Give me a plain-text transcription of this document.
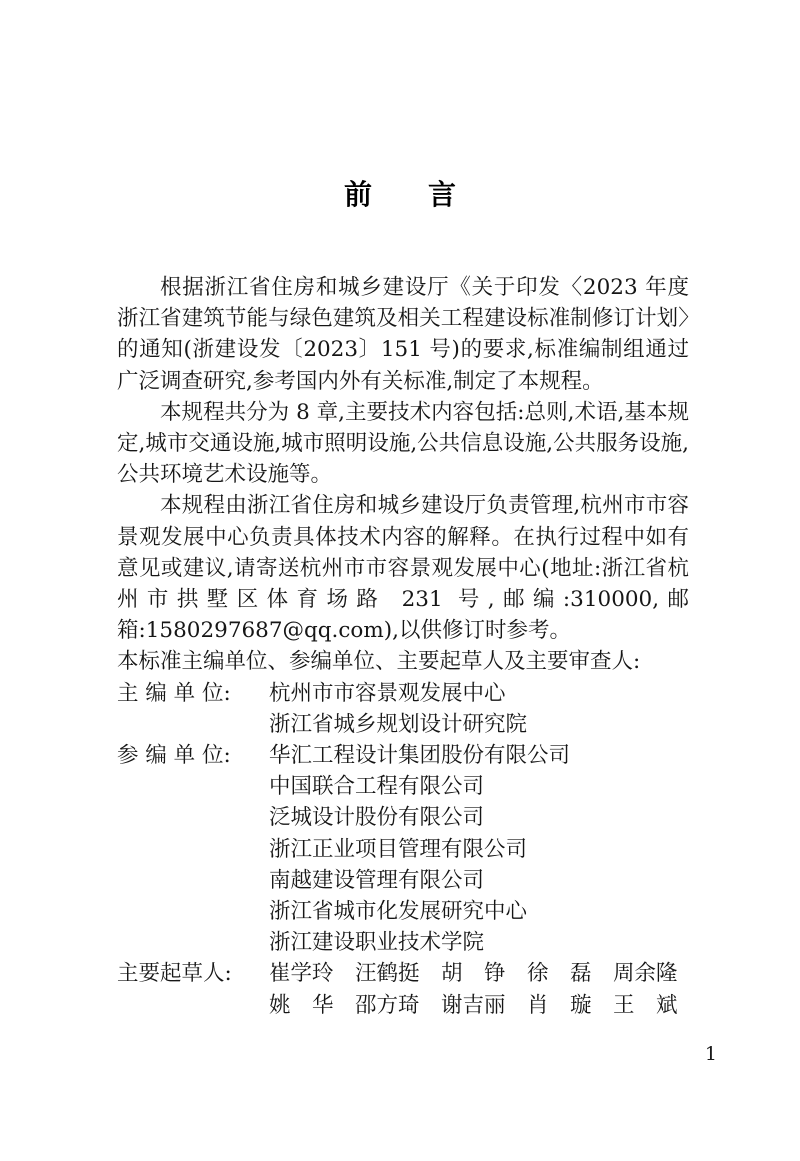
前　　言

根据浙江省住房和城乡建设厅《关于印发〈2023 年度浙江省建筑节能与绿色建筑及相关工程建设标准制修订计划〉的通知(浙建设发〔2023〕151 号)的要求,标准编制组通过广泛调查研究,参考国内外有关标准,制定了本规程。

本规程共分为 8 章,主要技术内容包括:总则,术语,基本规定,城市交通设施,城市照明设施,公共信息设施,公共服务设施,公共环境艺术设施等。

本规程由浙江省住房和城乡建设厅负责管理,杭州市市容景观发展中心负责具体技术内容的解释。在执行过程中如有意见或建议,请寄送杭州市市容景观发展中心(地址:浙江省杭州市拱墅区体育场路 231 号,邮编:310000,邮箱:1580297687@qq.com),以供修订时参考。

本标准主编单位、参编单位、主要起草人及主要审查人:

主 编 单 位:	杭州市市容景观发展中心
浙江省城乡规划设计研究院
参 编 单 位:	华汇工程设计集团股份有限公司
中国联合工程有限公司
泛城设计股份有限公司
浙江正业项目管理有限公司
南越建设管理有限公司
浙江省城市化发展研究中心
浙江建设职业技术学院
主要起草人:	崔学玲　汪鹤挺　胡　铮　徐　磊　周余隆
姚　华　邵方琦　谢吉丽　肖　璇　王　斌
1
